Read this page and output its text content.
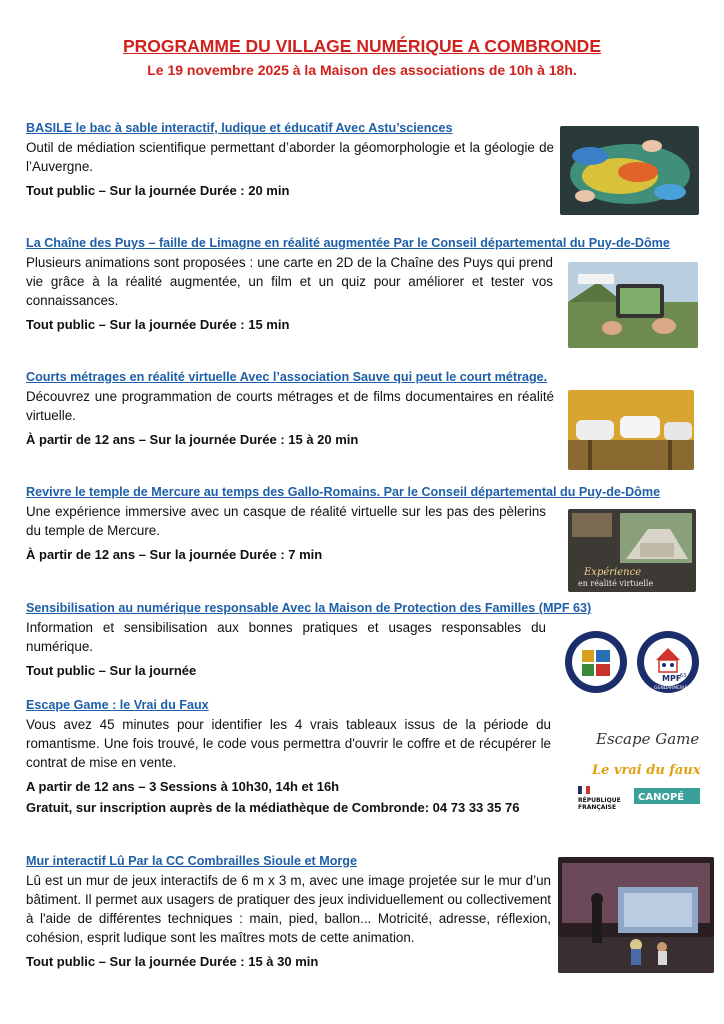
PROGRAMME DU VILLAGE NUMÉRIQUE A COMBRONDE
Le 19 novembre 2025 à la Maison des associations de 10h à 18h.
BASILE le bac à sable interactif, ludique et éducatif Avec Astu’sciences
Outil de médiation scientifique permettant d’aborder la géomorphologie et la géologie de l’Auvergne.
Tout public – Sur la journée Durée : 20 min
La Chaîne des Puys – faille de Limagne en réalité augmentée Par le Conseil départemental du Puy-de-Dôme
Plusieurs animations sont proposées : une carte en 2D de la Chaîne des Puys qui prend vie grâce à la réalité augmentée, un film et un quiz pour améliorer et tester vos connaissances.
Tout public – Sur la journée Durée : 15 min
Courts métrages en réalité virtuelle Avec l’association Sauve qui peut le court métrage.
Découvrez une programmation de courts métrages et de films documentaires en réalité virtuelle.
À partir de 12 ans – Sur la journée Durée : 15 à 20 min
Revivre le temple de Mercure au temps des Gallo-Romains. Par le Conseil départemental du Puy-de-Dôme
Une expérience immersive avec un casque de réalité virtuelle sur les pas des pèlerins du temple de Mercure.
À partir de 12 ans – Sur la journée Durée : 7 min
Expérience
en réalité virtuelle
Sensibilisation au numérique responsable Avec la Maison de Protection des Familles (MPF 63)
Information et sensibilisation aux bonnes pratiques et usages responsables du numérique.
Tout public – Sur la journée
MPF
63
GENDARMERIE
Escape Game : le Vrai du Faux
Vous avez 45 minutes pour identifier les 4 vrais tableaux issus de la période du romantisme. Une fois trouvé, le code vous permettra d'ouvrir le coffre et de récupérer le contrat de mise en vente.
A partir de 12 ans – 3 Sessions à 10h30, 14h et 16h
Gratuit, sur inscription auprès de la médiathèque de Combronde: 04 73 33 35 76
Escape Game
Le vrai du faux
RÉPUBLIQUE
FRANÇAISE
CANOPÉ
Mur interactif Lû Par la CC Combrailles Sioule et Morge
Lû est un mur de jeux interactifs de 6 m x 3 m, avec une image projetée sur le mur d’un bâtiment. Il permet aux usagers de pratiquer des jeux individuellement ou collectivement à l'aide de différentes techniques : main, pied, ballon... Motricité, adresse, réflexion, cohésion, esprit ludique sont les maîtres mots de cette animation.
Tout public – Sur la journée Durée : 15 à 30 min
